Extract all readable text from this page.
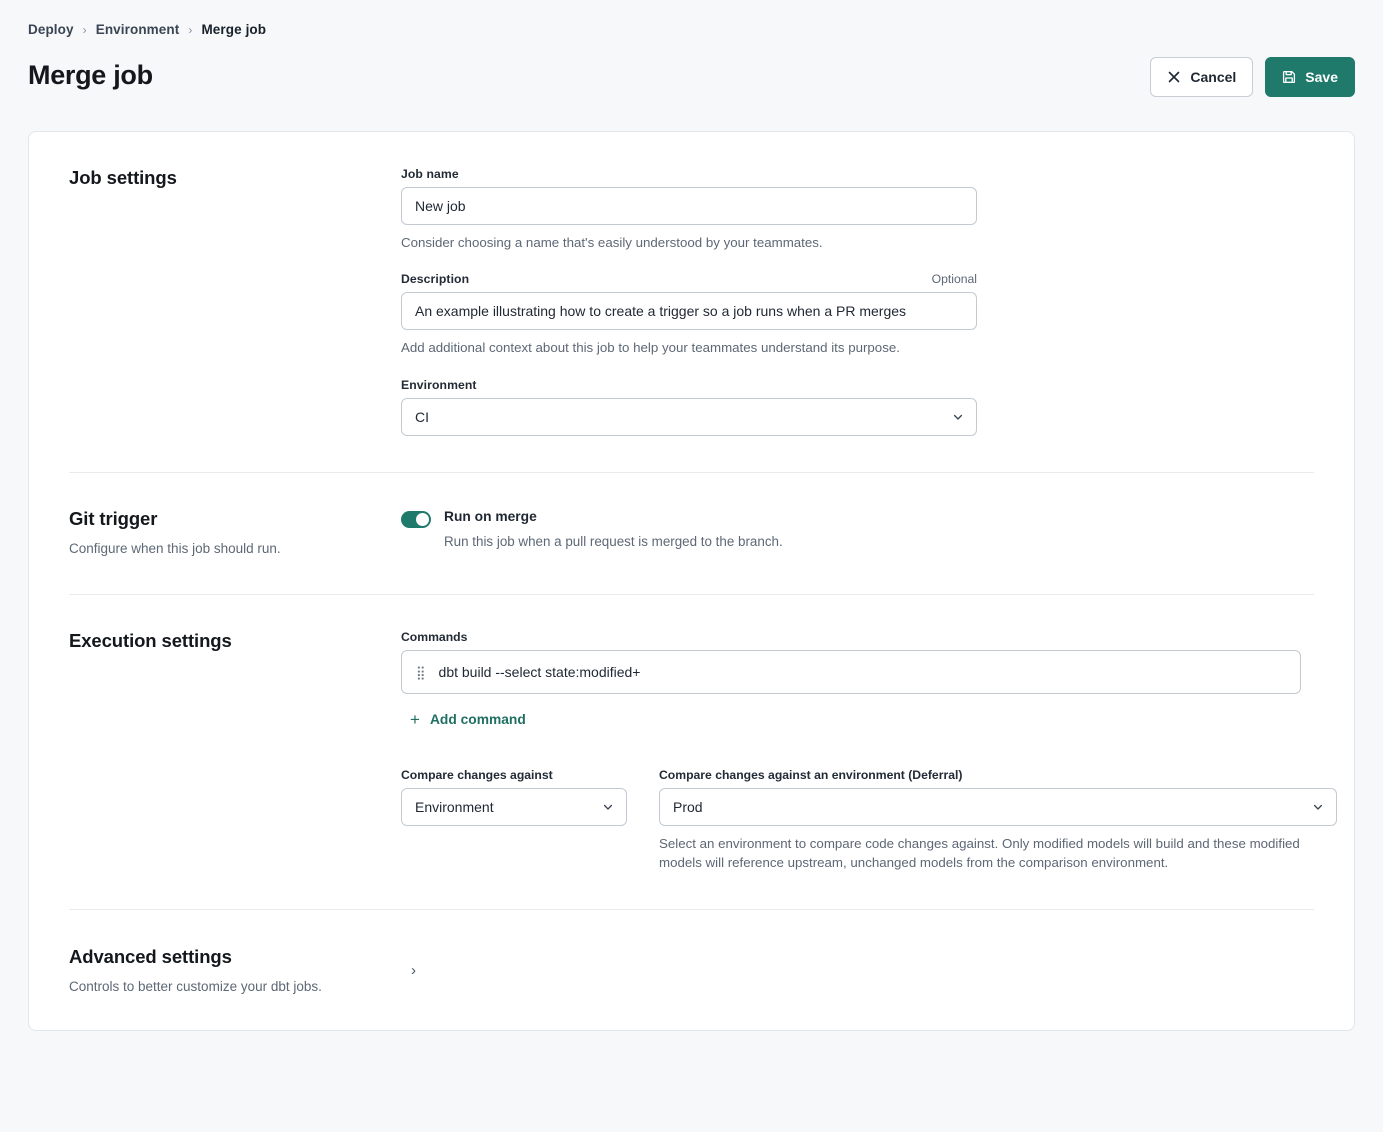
Deploy › Environment › Merge job
Merge job	Cancel	Save
Job settings	Job name
New job
Consider choosing a name that's easily understood by your teammates.
Description	Optional
An example illustrating how to create a trigger so a job runs when a PR merges
Add additional context about this job to help your teammates understand its purpose.
Environment
CI
Git trigger
Configure when this job should run.
Run on merge
Run this job when a pull request is merged to the branch.
Execution settings	Commands
⣿ dbt build --select state:modified+
+ Add command
Compare changes against
Environment
Compare changes against an environment (Deferral)
Prod
Select an environment to compare code changes against. Only modified models will build and these modified models will reference upstream, unchanged models from the comparison environment.
Advanced settings
Controls to better customize your dbt jobs.
›
